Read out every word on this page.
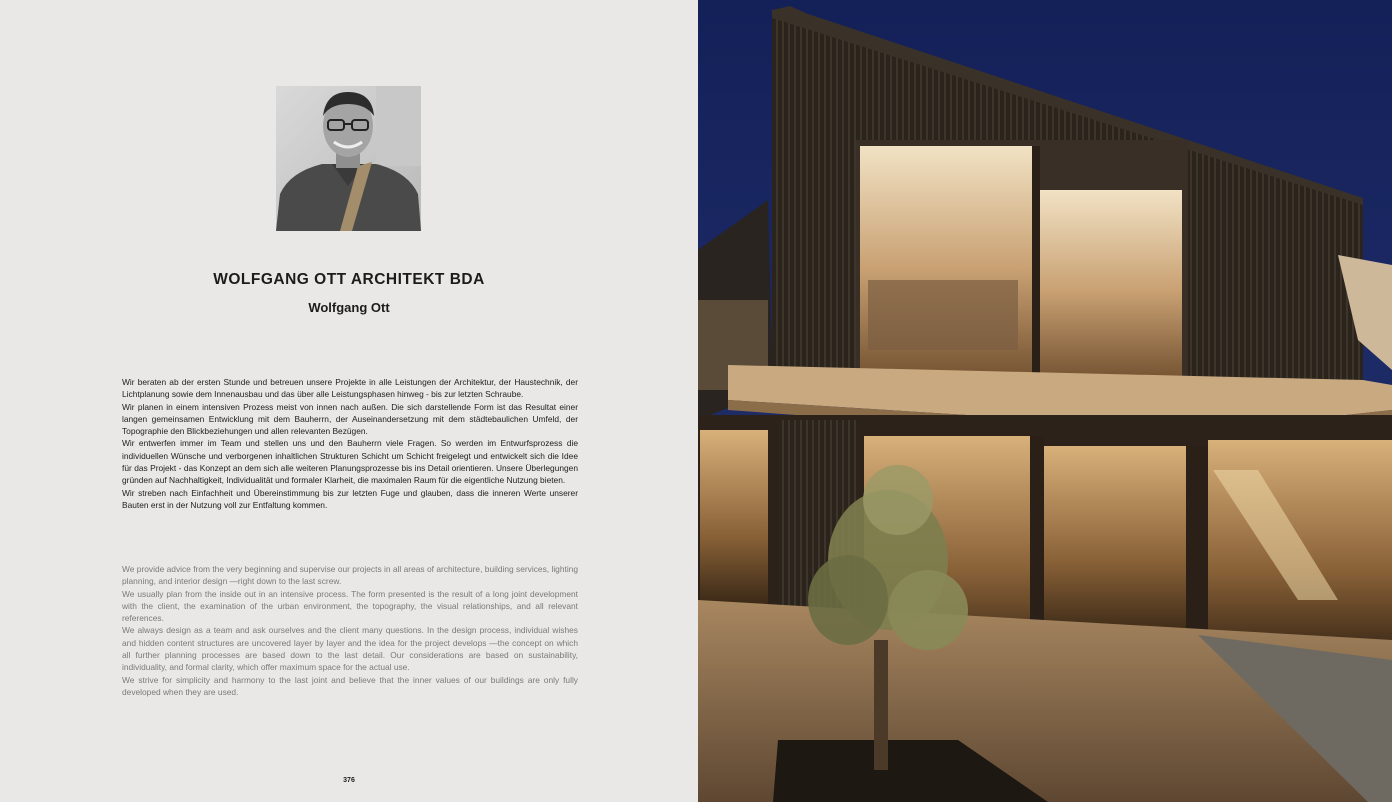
WOLFGANG OTT ARCHITEKT BDA
Wolfgang Ott

Wir beraten ab der ersten Stunde und betreuen unsere Projekte in alle Leistungen der Architektur, der Haustechnik, der Lichtplanung sowie dem Innenausbau und das über alle Leistungsphasen hinweg - bis zur letzten Schraube.

Wir planen in einem intensiven Prozess meist von innen nach außen. Die sich darstellende Form ist das Resultat einer langen gemeinsamen Entwicklung mit dem Bauherrn, der Auseinandersetzung mit dem städtebaulichen Umfeld, der Topographie den Blickbeziehungen und allen relevanten Bezügen.

Wir entwerfen immer im Team und stellen uns und den Bauherrn viele Fragen. So werden im Entwurfsprozess die individuellen Wünsche und verborgenen inhaltlichen Strukturen Schicht um Schicht freigelegt und entwickelt sich die Idee für das Projekt - das Konzept an dem sich alle weiteren Planungsprozesse bis ins Detail orientieren. Unsere Überlegungen gründen auf Nachhaltigkeit, Individualität und formaler Klarheit, die maximalen Raum für die eigentliche Nutzung bieten.

Wir streben nach Einfachheit und Übereinstimmung bis zur letzten Fuge und glauben, dass die inneren Werte unserer Bauten erst in der Nutzung voll zur Entfaltung kommen.

We provide advice from the very beginning and supervise our projects in all areas of architecture, building services, lighting planning, and interior design —right down to the last screw.

We usually plan from the inside out in an intensive process. The form presented is the result of a long joint development with the client, the examination of the urban environment, the topography, the visual relationships, and all relevant references.

We always design as a team and ask ourselves and the client many questions. In the design process, individual wishes and hidden content structures are uncovered layer by layer and the idea for the project develops —the concept on which all further planning processes are based down to the last detail. Our considerations are based on sustainability, individuality, and formal clarity, which offer maximum space for the actual use.

We strive for simplicity and harmony to the last joint and believe that the inner values of our buildings are only fully developed when they are used.

376
